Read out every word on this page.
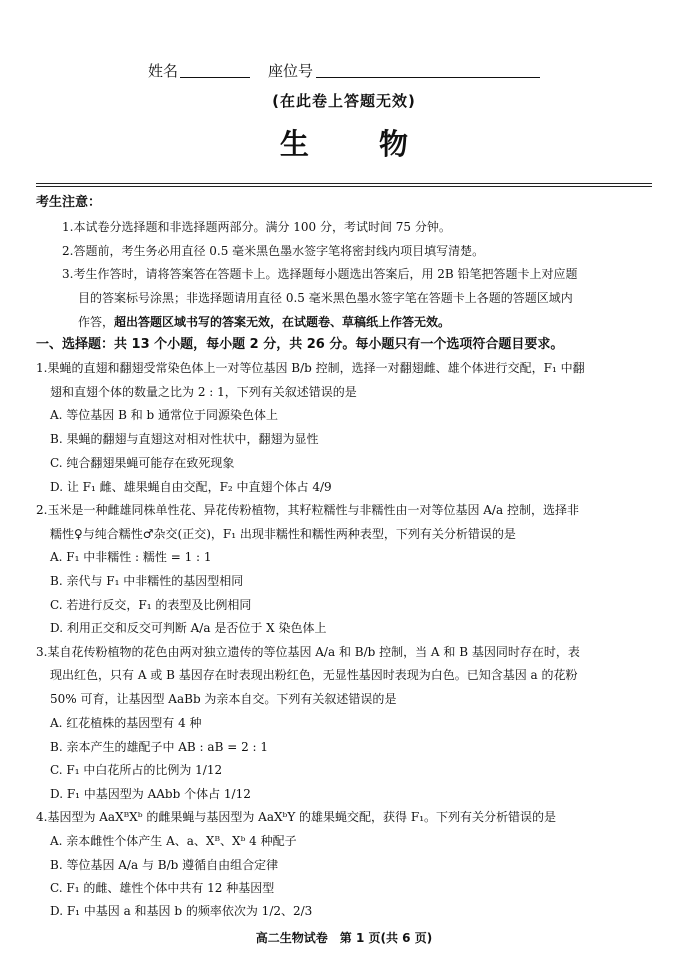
姓名	座位号
(在此卷上答题无效)
生 物
考生注意：
1.本试卷分选择题和非选择题两部分。满分 100 分，考试时间 75 分钟。
2.答题前，考生务必用直径 0.5 毫米黑色墨水签字笔将密封线内项目填写清楚。
3.考生作答时，请将答案答在答题卡上。选择题每小题选出答案后，用 2B 铅笔把答题卡上对应题
目的答案标号涂黑；非选择题请用直径 0.5 毫米黑色墨水签字笔在答题卡上各题的答题区域内
作答，超出答题区域书写的答案无效，在试题卷、草稿纸上作答无效。
一、选择题：共 13 个小题，每小题 2 分，共 26 分。每小题只有一个选项符合题目要求。
1.果蝇的直翅和翻翅受常染色体上一对等位基因 B/b 控制，选择一对翻翅雌、雄个体进行交配，F₁ 中翻
翅和直翅个体的数量之比为 2 : 1，下列有关叙述错误的是
A. 等位基因 B 和 b 通常位于同源染色体上
B. 果蝇的翻翅与直翅这对相对性状中，翻翅为显性
C. 纯合翻翅果蝇可能存在致死现象
D. 让 F₁ 雌、雄果蝇自由交配，F₂ 中直翅个体占 4/9
2.玉米是一种雌雄同株单性花、异花传粉植物，其籽粒糯性与非糯性由一对等位基因 A/a 控制，选择非
糯性♀与纯合糯性♂杂交(正交)，F₁ 出现非糯性和糯性两种表型，下列有关分析错误的是
A. F₁ 中非糯性 : 糯性 = 1 : 1
B. 亲代与 F₁ 中非糯性的基因型相同
C. 若进行反交，F₁ 的表型及比例相同
D. 利用正交和反交可判断 A/a 是否位于 X 染色体上
3.某自花传粉植物的花色由两对独立遗传的等位基因 A/a 和 B/b 控制，当 A 和 B 基因同时存在时，表
现出红色，只有 A 或 B 基因存在时表现出粉红色，无显性基因时表现为白色。已知含基因 a 的花粉
50% 可育，让基因型 AaBb 为亲本自交。下列有关叙述错误的是
A. 红花植株的基因型有 4 种
B. 亲本产生的雄配子中 AB : aB = 2 : 1
C. F₁ 中白花所占的比例为 1/12
D. F₁ 中基因型为 AAbb 个体占 1/12
4.基因型为 AaXᴮXᵇ 的雌果蝇与基因型为 AaXᵇY 的雄果蝇交配，获得 F₁。下列有关分析错误的是
A. 亲本雌性个体产生 A、a、Xᴮ、Xᵇ 4 种配子
B. 等位基因 A/a 与 B/b 遵循自由组合定律
C. F₁ 的雌、雄性个体中共有 12 种基因型
D. F₁ 中基因 a 和基因 b 的频率依次为 1/2、2/3
高二生物试卷　第 1 页(共 6 页)
